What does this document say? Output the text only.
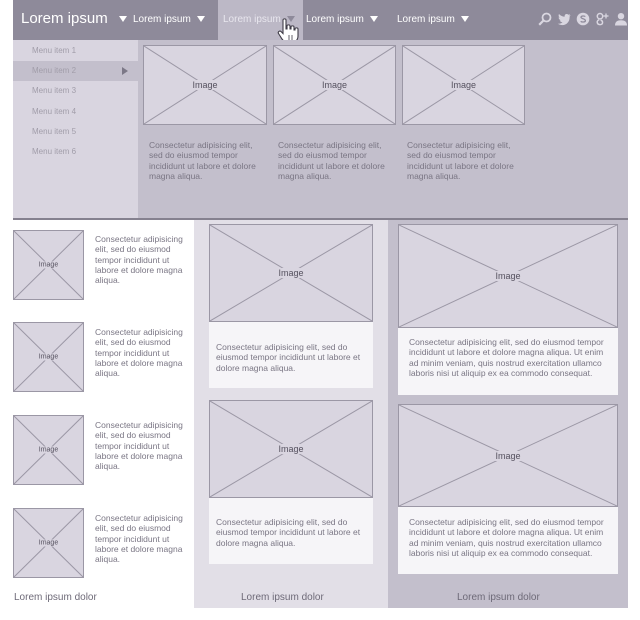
Lorem ipsum	Lorem ipsum	Lorem ipsum	Lorem ipsum	Lorem ipsum
Menu item 1
Menu item 2
Menu item 3
Menu item 4
Menu item 5
Menu item 6
Image	Image	Image
Consectetur adipisicing elit, sed do eiusmod tempor incididunt ut labore et dolore magna aliqua.
Consectetur adipisicing elit, sed do eiusmod tempor incididunt ut labore et dolore magna aliqua.
Consectetur adipisicing elit, sed do eiusmod tempor incididunt ut labore et dolore magna aliqua.
Image
Consectetur adipisicing elit, sed do eiusmod tempor incididunt ut labore et dolore magna aliqua.
Image
Consectetur adipisicing elit, sed do eiusmod tempor incididunt ut labore et dolore magna aliqua.
Image
Consectetur adipisicing elit, sed do eiusmod tempor incididunt ut labore et dolore magna aliqua.
Image
Consectetur adipisicing elit, sed do eiusmod tempor incididunt ut labore et dolore magna aliqua.
Lorem ipsum dolor
Image
Consectetur adipisicing elit, sed do eiusmod tempor incididunt ut labore et dolore magna aliqua.
Image
Consectetur adipisicing elit, sed do eiusmod tempor incididunt ut labore et dolore magna aliqua.
Lorem ipsum dolor
Image
Consectetur adipisicing elit, sed do eiusmod tempor incididunt ut labore et dolore magna aliqua. Ut enim ad minim veniam, quis nostrud exercitation ullamco laboris nisi ut aliquip ex ea commodo consequat.
Image
Consectetur adipisicing elit, sed do eiusmod tempor incididunt ut labore et dolore magna aliqua. Ut enim ad minim veniam, quis nostrud exercitation ullamco laboris nisi ut aliquip ex ea commodo consequat.
Lorem ipsum dolor
